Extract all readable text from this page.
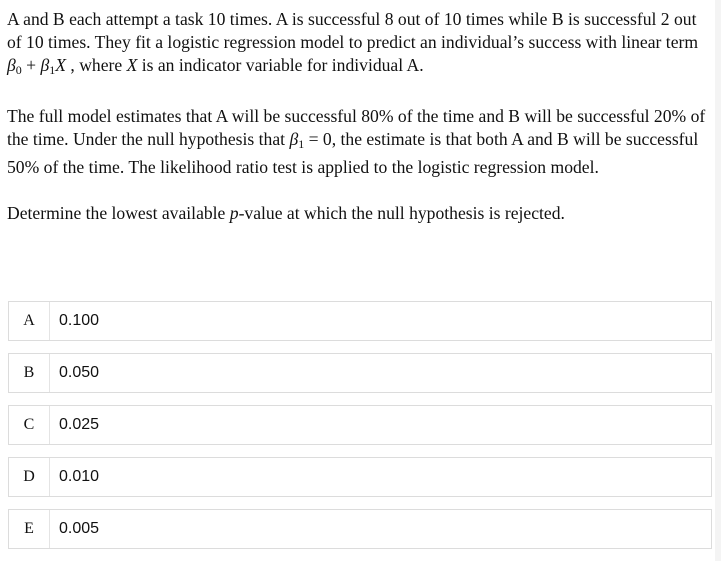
A and B each attempt a task 10 times. A is successful 8 out of 10 times while B is successful 2 out of 10 times. They fit a logistic regression model to predict an individual’s success with linear term $\beta_0 + \beta_1X$ , where X is an indicator variable for individual A.

The full model estimates that A will be successful 80% of the time and B will be successful 20% of the time. Under the null hypothesis that $\beta_1 = 0$, the estimate is that both A and B will be successful 50% of the time. The likelihood ratio test is applied to the logistic regression model.

Determine the lowest available p-value at which the null hypothesis is rejected.

A	0.100
B	0.050
C	0.025
D	0.010
E	0.005
